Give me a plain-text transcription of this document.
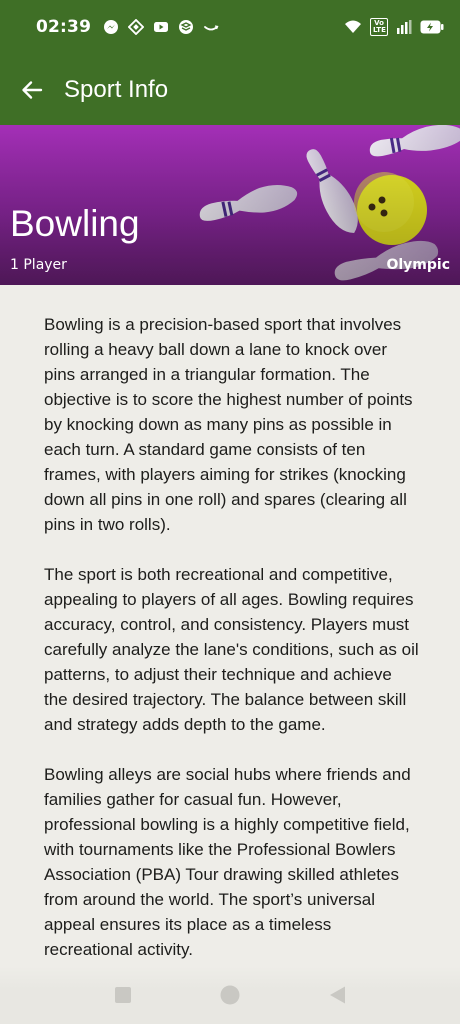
02:39	Vo LTE
Sport Info
Bowling
1 Player	Olympic

Bowling is a precision-based sport that involves rolling a heavy ball down a lane to knock over pins arranged in a triangular formation. The objective is to score the highest number of points by knocking down as many pins as possible in each turn. A standard game consists of ten frames, with players aiming for strikes (knocking down all pins in one roll) and spares (clearing all pins in two rolls).

The sport is both recreational and competitive, appealing to players of all ages. Bowling requires accuracy, control, and consistency. Players must carefully analyze the lane's conditions, such as oil patterns, to adjust their technique and achieve the desired trajectory. The balance between skill and strategy adds depth to the game.

Bowling alleys are social hubs where friends and families gather for casual fun. However, professional bowling is a highly competitive field, with tournaments like the Professional Bowlers Association (PBA) Tour drawing skilled athletes from around the world. The sport’s universal appeal ensures its place as a timeless recreational activity.
